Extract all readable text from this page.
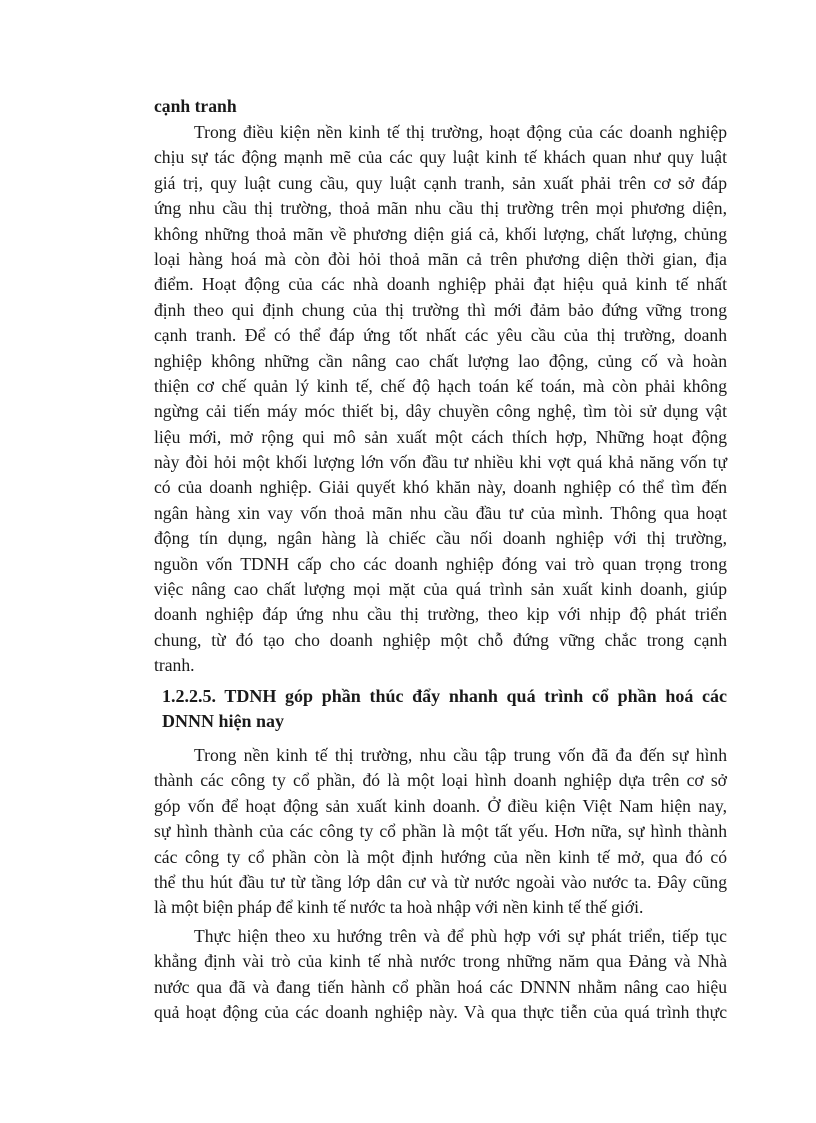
cạnh tranh
Trong điều kiện nền kinh tế thị trường, hoạt động của các doanh nghiệp
chịu sự tác động mạnh mẽ của các quy luật kinh tế khách quan như quy luật
giá trị, quy luật cung cầu, quy luật cạnh tranh, sản xuất phải trên cơ sở đáp
ứng nhu cầu thị trường, thoả mãn nhu cầu thị trường trên mọi phương diện,
không những thoả mãn về phương diện giá cả, khối lượng, chất lượng, chủng
loại hàng hoá mà còn đòi hỏi thoả mãn cả trên phương diện thời gian, địa
điểm. Hoạt động của các nhà doanh nghiệp phải đạt hiệu quả kinh tế nhất
định theo qui định chung của thị trường thì mới đảm bảo đứng vững trong
cạnh tranh. Để có thể đáp ứng tốt nhất các yêu cầu của thị trường, doanh
nghiệp không những cần nâng cao chất lượng lao động, củng cố và hoàn
thiện cơ chế quản lý kinh tế, chế độ hạch toán kế toán, mà còn phải không
ngừng cải tiến máy móc thiết bị, dây chuyền công nghệ, tìm tòi sử dụng vật
liệu mới, mở rộng qui mô sản xuất một cách thích hợp, Những hoạt động
này đòi hỏi một khối lượng lớn vốn đầu tư nhiều khi vợt quá khả năng vốn tự
có của doanh nghiệp. Giải quyết khó khăn này, doanh nghiệp có thể tìm đến
ngân hàng xin vay vốn thoả mãn nhu cầu đầu tư của mình. Thông qua hoạt
động tín dụng, ngân hàng là chiếc cầu nối doanh nghiệp với thị trường,
nguồn vốn TDNH cấp cho các doanh nghiệp đóng vai trò quan trọng trong
việc nâng cao chất lượng mọi mặt của quá trình sản xuất kinh doanh, giúp
doanh nghiệp đáp ứng nhu cầu thị trường, theo kịp với nhịp độ phát triển
chung, từ đó tạo cho doanh nghiệp một chỗ đứng vững chắc trong cạnh
tranh.
1.2.2.5. TDNH góp phần thúc đẩy nhanh quá trình cổ phần hoá các
DNNN hiện nay
Trong nền kinh tế thị trường, nhu cầu tập trung vốn đã đa đến sự hình
thành các công ty cổ phần, đó là một loại hình doanh nghiệp dựa trên cơ sở
góp vốn để hoạt động sản xuất kinh doanh. Ở điều kiện Việt Nam hiện nay,
sự hình thành của các công ty cổ phần là một tất yếu. Hơn nữa, sự hình thành
các công ty cổ phần còn là một định hướng của nền kinh tế mở, qua đó có
thể thu hút đầu tư từ tầng lớp dân cư và từ nước ngoài vào nước ta. Đây cũng
là một biện pháp để kinh tế nước ta hoà nhập với nền kinh tế thế giới.
Thực hiện theo xu hướng trên và để phù hợp với sự phát triển, tiếp tục
khẳng định vài trò của kinh tế nhà nước trong những năm qua Đảng và Nhà
nước qua đã và đang tiến hành cổ phần hoá các DNNN nhằm nâng cao hiệu
quả hoạt động của các doanh nghiệp này. Và qua thực tiễn của quá trình thực
